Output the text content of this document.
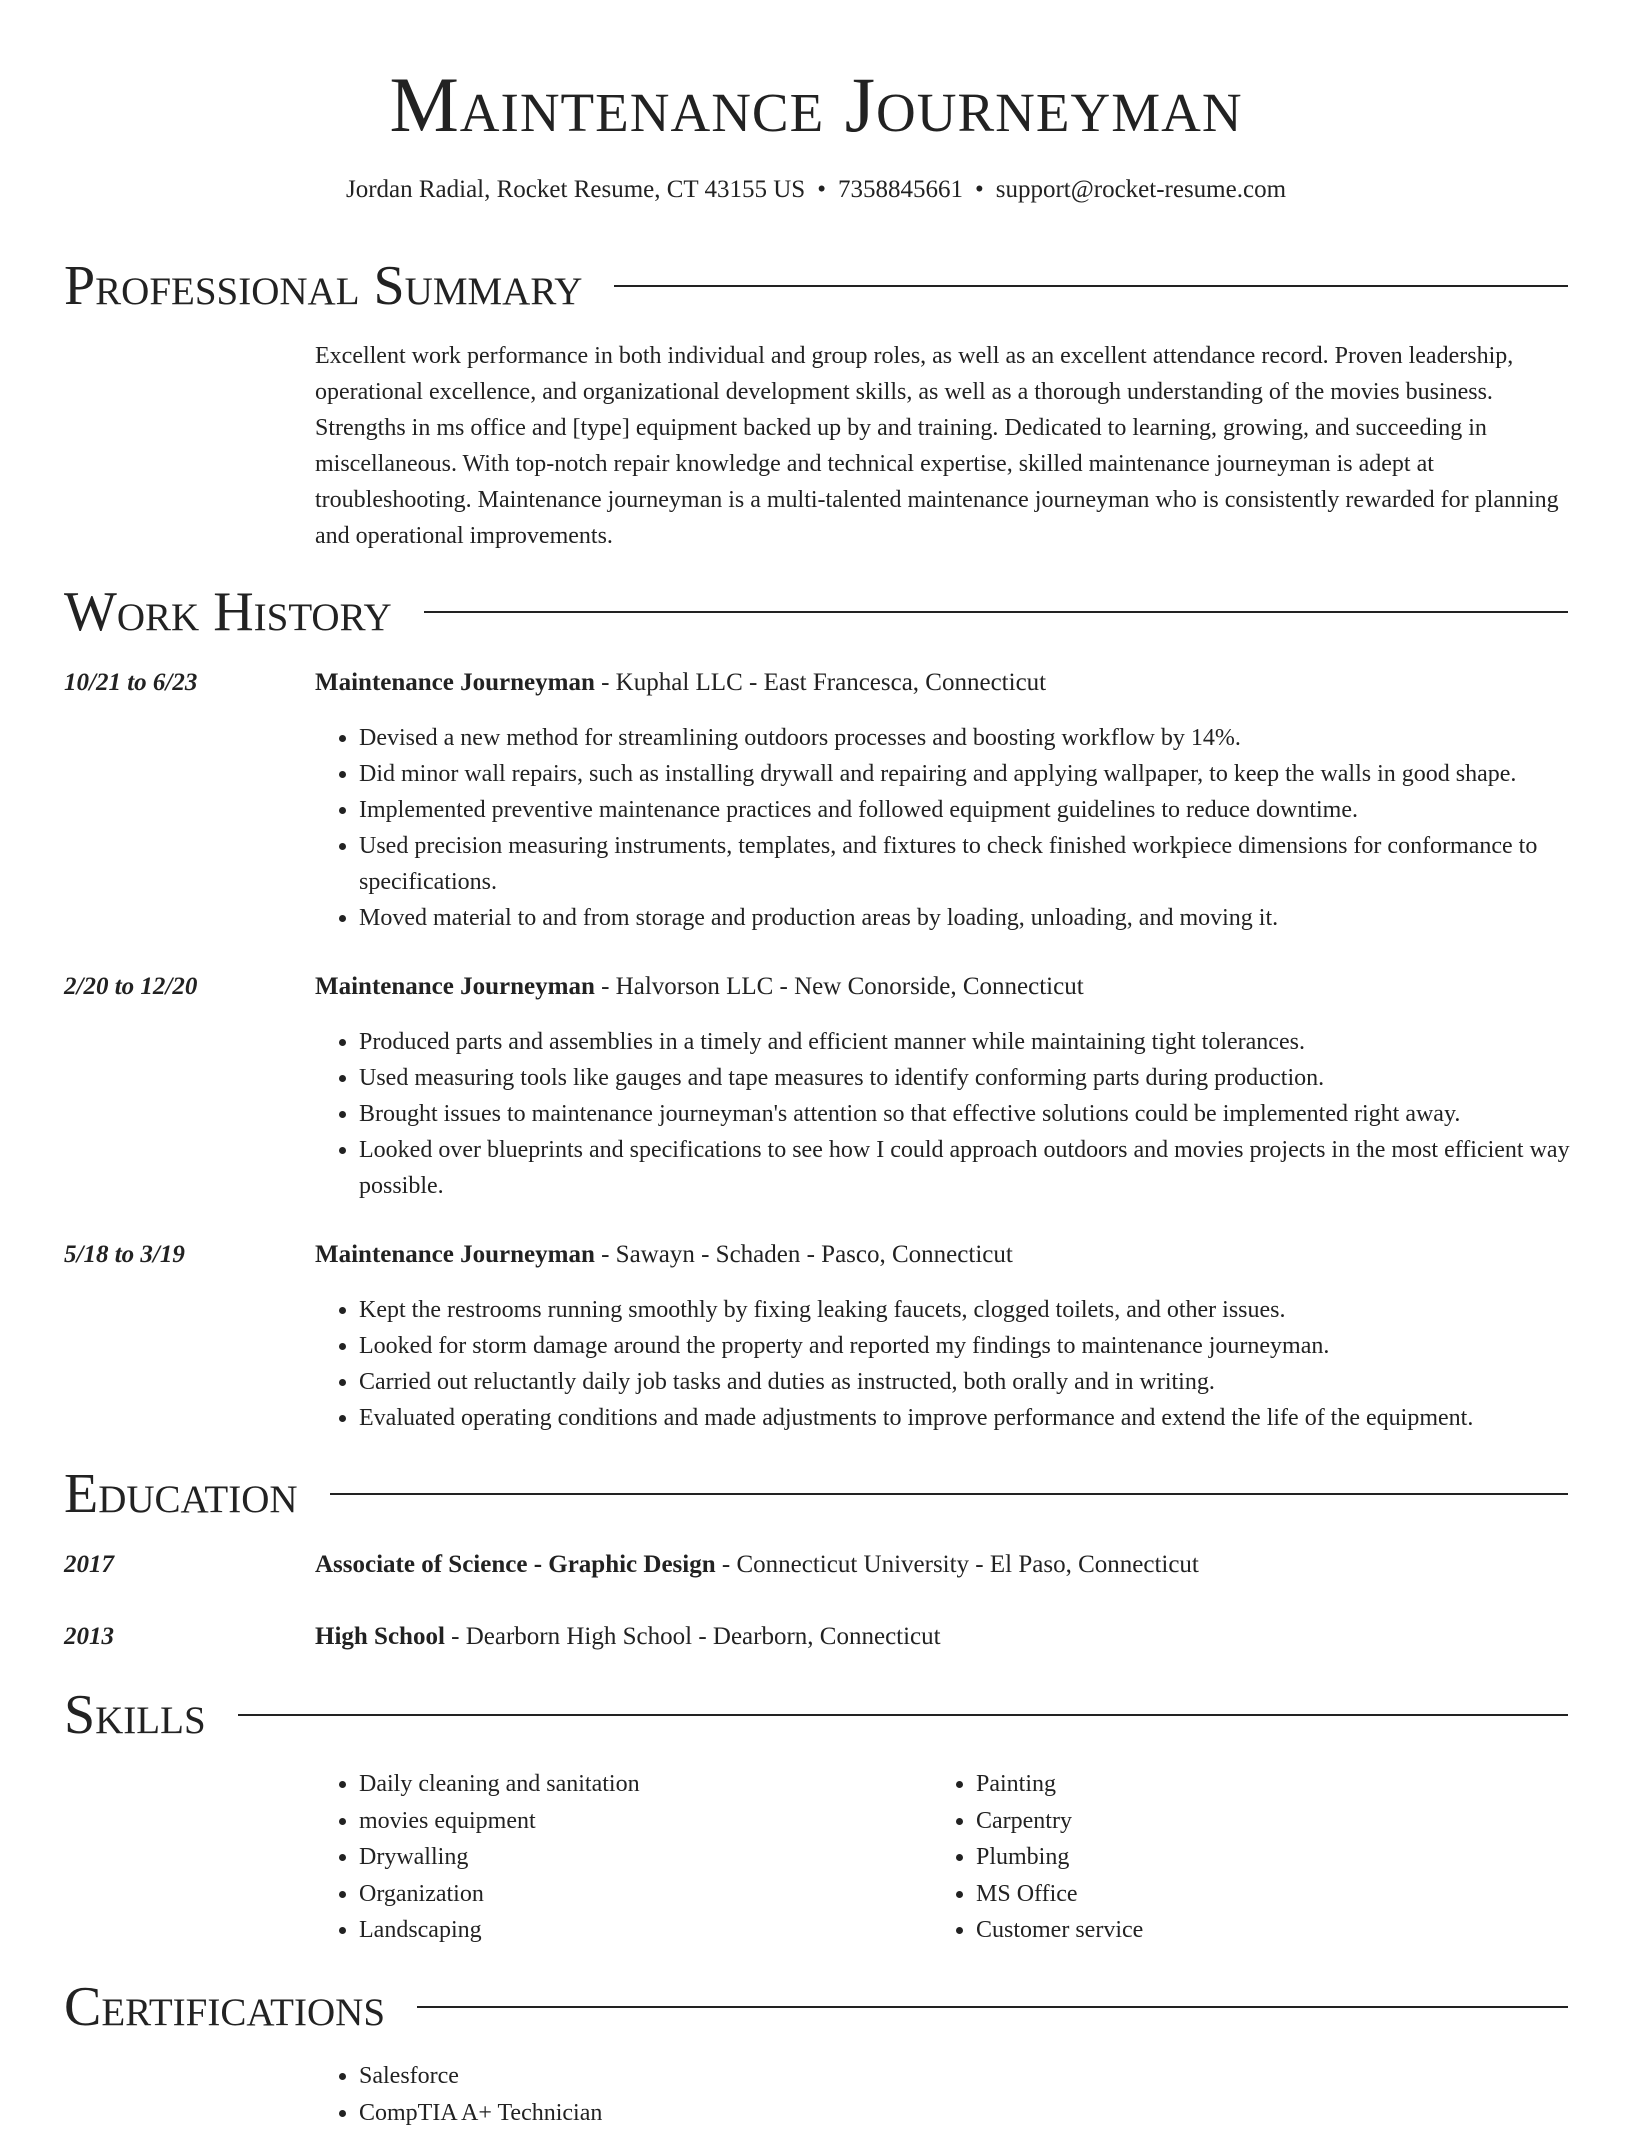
Maintenance Journeyman
Jordan Radial, Rocket Resume, CT 43155 US • 7358845661 • support@rocket-resume.com
Professional Summary
Excellent work performance in both individual and group roles, as well as an excellent attendance record. Proven leadership, operational excellence, and organizational development skills, as well as a thorough understanding of the movies business. Strengths in ms office and [type] equipment backed up by and training. Dedicated to learning, growing, and succeeding in miscellaneous. With top-notch repair knowledge and technical expertise, skilled maintenance journeyman is adept at troubleshooting. Maintenance journeyman is a multi-talented maintenance journeyman who is consistently rewarded for planning and operational improvements.
Work History
10/21 to 6/23	Maintenance Journeyman - Kuphal LLC - East Francesca, Connecticut
• Devised a new method for streamlining outdoors processes and boosting workflow by 14%.
• Did minor wall repairs, such as installing drywall and repairing and applying wallpaper, to keep the walls in good shape.
• Implemented preventive maintenance practices and followed equipment guidelines to reduce downtime.
• Used precision measuring instruments, templates, and fixtures to check finished workpiece dimensions for conformance to specifications.
• Moved material to and from storage and production areas by loading, unloading, and moving it.
2/20 to 12/20	Maintenance Journeyman - Halvorson LLC - New Conorside, Connecticut
• Produced parts and assemblies in a timely and efficient manner while maintaining tight tolerances.
• Used measuring tools like gauges and tape measures to identify conforming parts during production.
• Brought issues to maintenance journeyman's attention so that effective solutions could be implemented right away.
• Looked over blueprints and specifications to see how I could approach outdoors and movies projects in the most efficient way possible.
5/18 to 3/19	Maintenance Journeyman - Sawayn - Schaden - Pasco, Connecticut
• Kept the restrooms running smoothly by fixing leaking faucets, clogged toilets, and other issues.
• Looked for storm damage around the property and reported my findings to maintenance journeyman.
• Carried out reluctantly daily job tasks and duties as instructed, both orally and in writing.
• Evaluated operating conditions and made adjustments to improve performance and extend the life of the equipment.
Education
2017	Associate of Science - Graphic Design - Connecticut University - El Paso, Connecticut
2013	High School - Dearborn High School - Dearborn, Connecticut
Skills
• Daily cleaning and sanitation
• movies equipment
• Drywalling
• Organization
• Landscaping
• Painting
• Carpentry
• Plumbing
• MS Office
• Customer service
Certifications
• Salesforce
• CompTIA A+ Technician
